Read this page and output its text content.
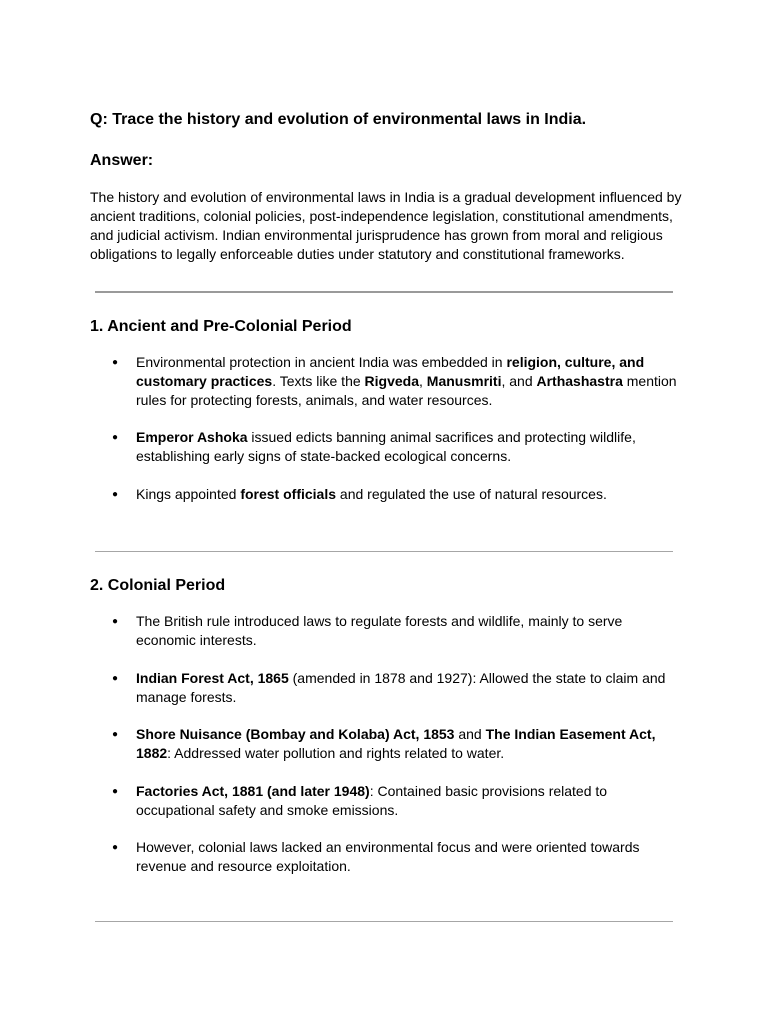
Q: Trace the history and evolution of environmental laws in India.
Answer:

The history and evolution of environmental laws in India is a gradual development influenced by ancient traditions, colonial policies, post-independence legislation, constitutional amendments, and judicial activism. Indian environmental jurisprudence has grown from moral and religious obligations to legally enforceable duties under statutory and constitutional frameworks.

1. Ancient and Pre-Colonial Period
● Environmental protection in ancient India was embedded in religion, culture, and customary practices. Texts like the Rigveda, Manusmriti, and Arthashastra mention rules for protecting forests, animals, and water resources.
● Emperor Ashoka issued edicts banning animal sacrifices and protecting wildlife, establishing early signs of state-backed ecological concerns.
● Kings appointed forest officials and regulated the use of natural resources.
2. Colonial Period
● The British rule introduced laws to regulate forests and wildlife, mainly to serve economic interests.
● Indian Forest Act, 1865 (amended in 1878 and 1927): Allowed the state to claim and manage forests.
● Shore Nuisance (Bombay and Kolaba) Act, 1853 and The Indian Easement Act, 1882: Addressed water pollution and rights related to water.
● Factories Act, 1881 (and later 1948): Contained basic provisions related to occupational safety and smoke emissions.
● However, colonial laws lacked an environmental focus and were oriented towards revenue and resource exploitation.
